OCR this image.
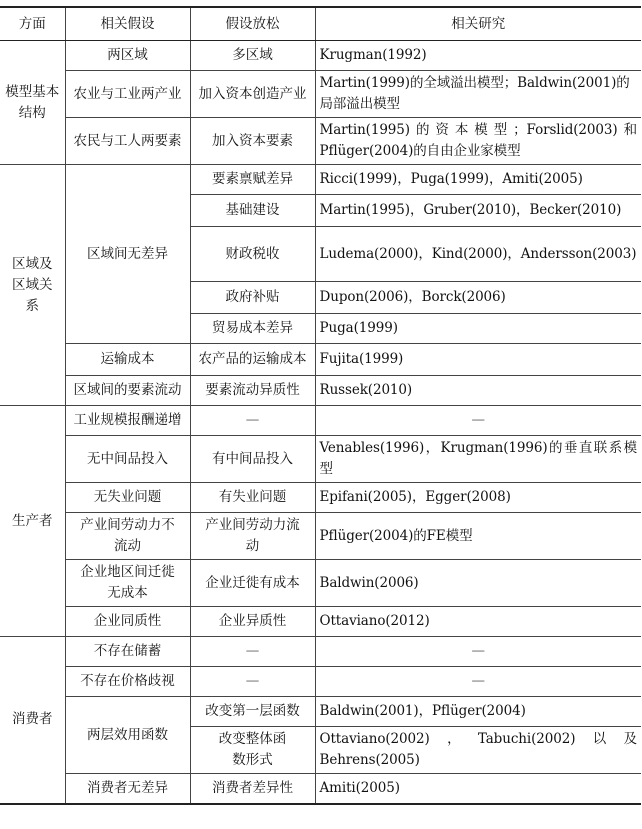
方面	相关假设	假设放松	相关研究
模型基本结构	两区域	多区域	Krugman(1992)
	农业与工业两产业	加入资本创造产业	Martin(1999)的全域溢出模型；Baldwin(2001)的局部溢出模型
	农民与工人两要素	加入资本要素	Martin(1995)的资本模型；Forslid(2003)和Pflüger(2004)的自由企业家模型
区域及区域关系	区域间无差异	要素禀赋差异	Ricci(1999)，Puga(1999)，Amiti(2005)
		基础建设	Martin(1995)，Gruber(2010)，Becker(2010)
		财政税收	Ludema(2000)，Kind(2000)，Andersson(2003)
		政府补贴	Dupon(2006)，Borck(2006)
		贸易成本差异	Puga(1999)
	运输成本	农产品的运输成本	Fujita(1999)
	区域间的要素流动	要素流动异质性	Russek(2010)
生产者	工业规模报酬递增	—	—
	无中间品投入	有中间品投入	Venables(1996)，Krugman(1996)的垂直联系模型
	无失业问题	有失业问题	Epifani(2005)，Egger(2008)
	产业间劳动力不流动	产业间劳动力流动	Pflüger(2004)的FE模型
	企业地区间迁徙无成本	企业迁徙有成本	Baldwin(2006)
	企业同质性	企业异质性	Ottaviano(2012)
消费者	不存在储蓄	—	—
	不存在价格歧视	—	—
	两层效用函数	改变第一层函数	Baldwin(2001)，Pflüger(2004)
		改变整体函数形式	Ottaviano(2002)，Tabuchi(2002)以及Behrens(2005)
	消费者无差异	消费者差异性	Amiti(2005)
